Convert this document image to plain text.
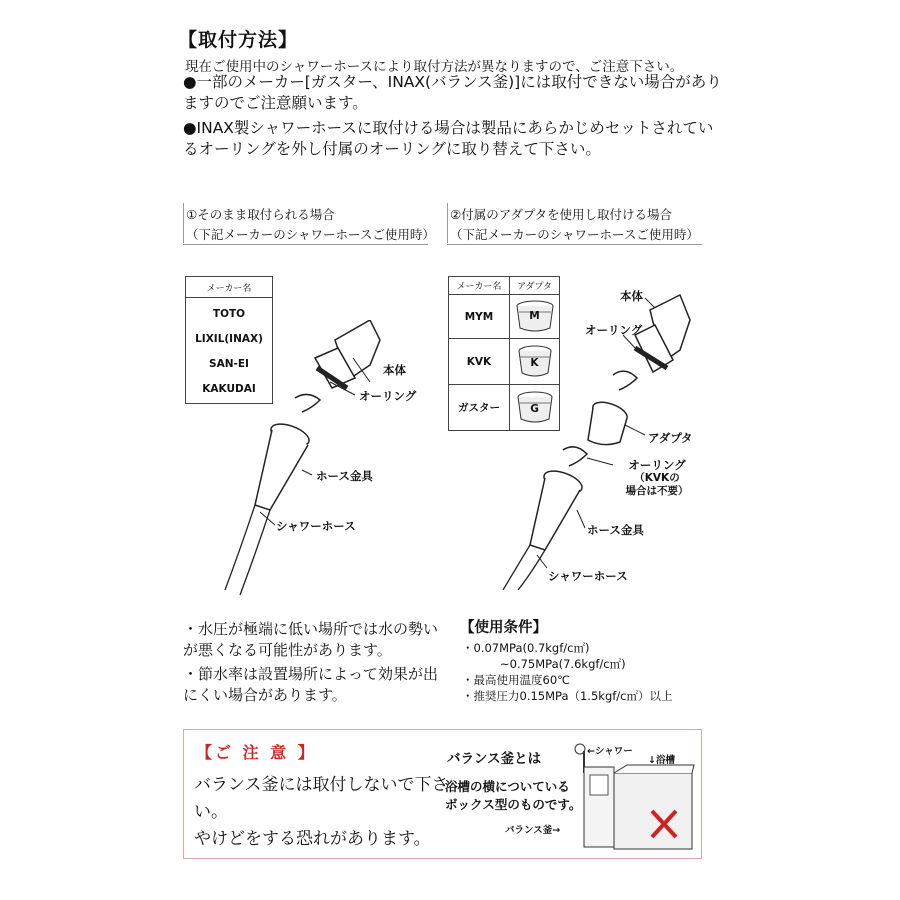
【取付方法】
現在ご使用中のシャワーホースにより取付方法が異なりますので、ご注意下さい。
●一部のメーカー[ガスター、INAX(バランス釜)]には取付できない場合がありますのでご注意願います。
●INAX製シャワーホースに取付ける場合は製品にあらかじめセットされているオーリングを外し付属のオーリングに取り替えて下さい。
①そのまま取付られる場合
（下記メーカーのシャワーホースご使用時）
②付属のアダプタを使用し取付ける場合
（下記メーカーのシャワーホースご使用時）
メーカー名

TOTO
LIXIL(INAX)
SAN-EI
KAKUDAI
メーカー名	アダプタ
MYM	M

KVK	K

ガスター	G
本体
オーリング
ホース金具
シャワーホース
本体
オーリング
アダプタ
オーリング
（KVKの
場合は不要）
ホース金具
シャワーホース
・水圧が極端に低い場所では水の勢いが悪くなる可能性があります。
・節水率は設置場所によって効果が出にくい場合があります。
【使用条件】
・0.07MPa(0.7kgf/c㎡)
~0.75MPa(7.6kgf/c㎡)
・最高使用温度60℃
・推奨圧力0.15MPa（1.5kgf/c㎡）以上
【ご 注 意 】
バランス釜には取付しないで下さい。
やけどをする恐れがあります。
バランス釜とは
浴槽の横についている
ボックス型のものです。
バランス釜→
←シャワー
↓浴槽
